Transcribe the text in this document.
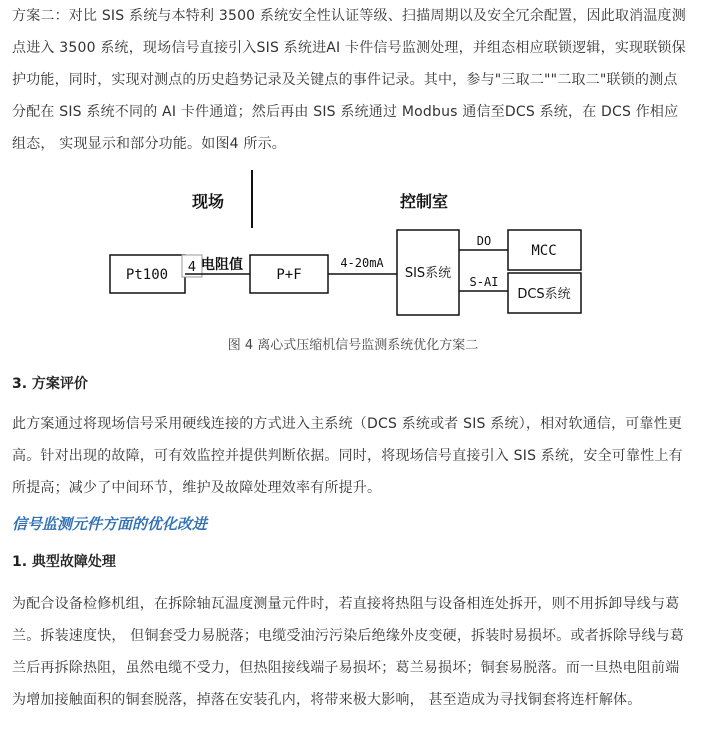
方案二：对比 SIS 系统与本特利 3500 系统安全性认证等级、扫描周期以及安全冗余配置，因此取消温度测点进入 3500 系统，现场信号直接引入SIS 系统进AI 卡件信号监测处理，并组态相应联锁逻辑，实现联锁保护功能，同时，实现对测点的历史趋势记录及关键点的事件记录。其中，参与"三取二""二取二"联锁的测点分配在 SIS 系统不同的 AI 卡件通道；然后再由 SIS 系统通过 Modbus 通信至DCS 系统，在 DCS 作相应组态， 实现显示和部分功能。如图4 所示。

现场	控制室
Pt100 4 电阻值
P+F
4-20mA
SIS系统
DO
S-AI
MCC
DCS系统

图 4 离心式压缩机信号监测系统优化方案二

3. 方案评价

此方案通过将现场信号采用硬线连接的方式进入主系统（DCS 系统或者 SIS 系统），相对软通信，可靠性更高。针对出现的故障，可有效监控并提供判断依据。同时，将现场信号直接引入 SIS 系统，安全可靠性上有所提高；减少了中间环节，维护及故障处理效率有所提升。

信号监测元件方面的优化改进

1. 典型故障处理

为配合设备检修机组，在拆除轴瓦温度测量元件时，若直接将热阻与设备相连处拆开，则不用拆卸导线与葛兰。拆装速度快， 但铜套受力易脱落；电缆受油污污染后绝缘外皮变硬，拆装时易损坏。或者拆除导线与葛兰后再拆除热阻，虽然电缆不受力，但热阻接线端子易损坏；葛兰易损坏；铜套易脱落。而一旦热电阻前端为增加接触面积的铜套脱落，掉落在安装孔内，将带来极大影响， 甚至造成为寻找铜套将连杆解体。
